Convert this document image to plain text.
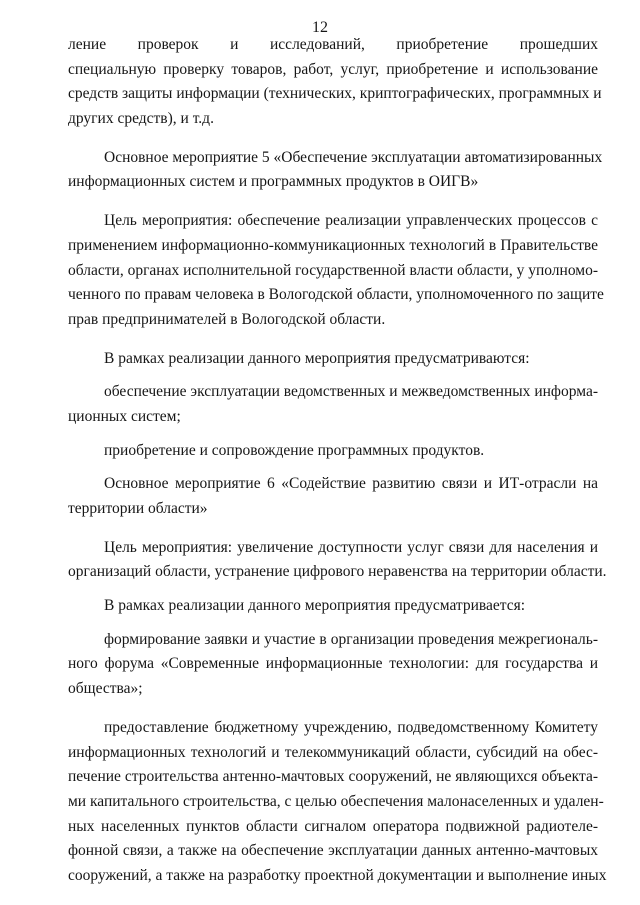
12
ление проверок и исследований, приобретение прошедших
специальную проверку товаров, работ, услуг, приобретение и использование
средств защиты информации (технических, криптографических, программных и
других средств), и т.д.
Основное мероприятие 5 «Обеспечение эксплуатации автоматизированных
информационных систем и программных продуктов в ОИГВ»
Цель мероприятия: обеспечение реализации управленческих процессов с
применением информационно-коммуникационных технологий в Правительстве
области, органах исполнительной государственной власти области, у уполномо-
ченного по правам человека в Вологодской области, уполномоченного по защите
прав предпринимателей в Вологодской области.
В рамках реализации данного мероприятия предусматриваются:
обеспечение эксплуатации ведомственных и межведомственных информа-
ционных систем;
приобретение и сопровождение программных продуктов.
Основное мероприятие 6 «Содействие развитию связи и ИТ-отрасли на
территории области»
Цель мероприятия: увеличение доступности услуг связи для населения и
организаций области, устранение цифрового неравенства на территории области.
В рамках реализации данного мероприятия предусматривается:
формирование заявки и участие в организации проведения межрегиональ-
ного форума «Современные информационные технологии: для государства и
общества»;
предоставление бюджетному учреждению, подведомственному Комитету
информационных технологий и телекоммуникаций области, субсидий на обес-
печение строительства антенно-мачтовых сооружений, не являющихся объекта-
ми капитального строительства, с целью обеспечения малонаселенных и удален-
ных населенных пунктов области сигналом оператора подвижной радиотеле-
фонной связи, а также на обеспечение эксплуатации данных антенно-мачтовых
сооружений, а также на разработку проектной документации и выполнение иных
